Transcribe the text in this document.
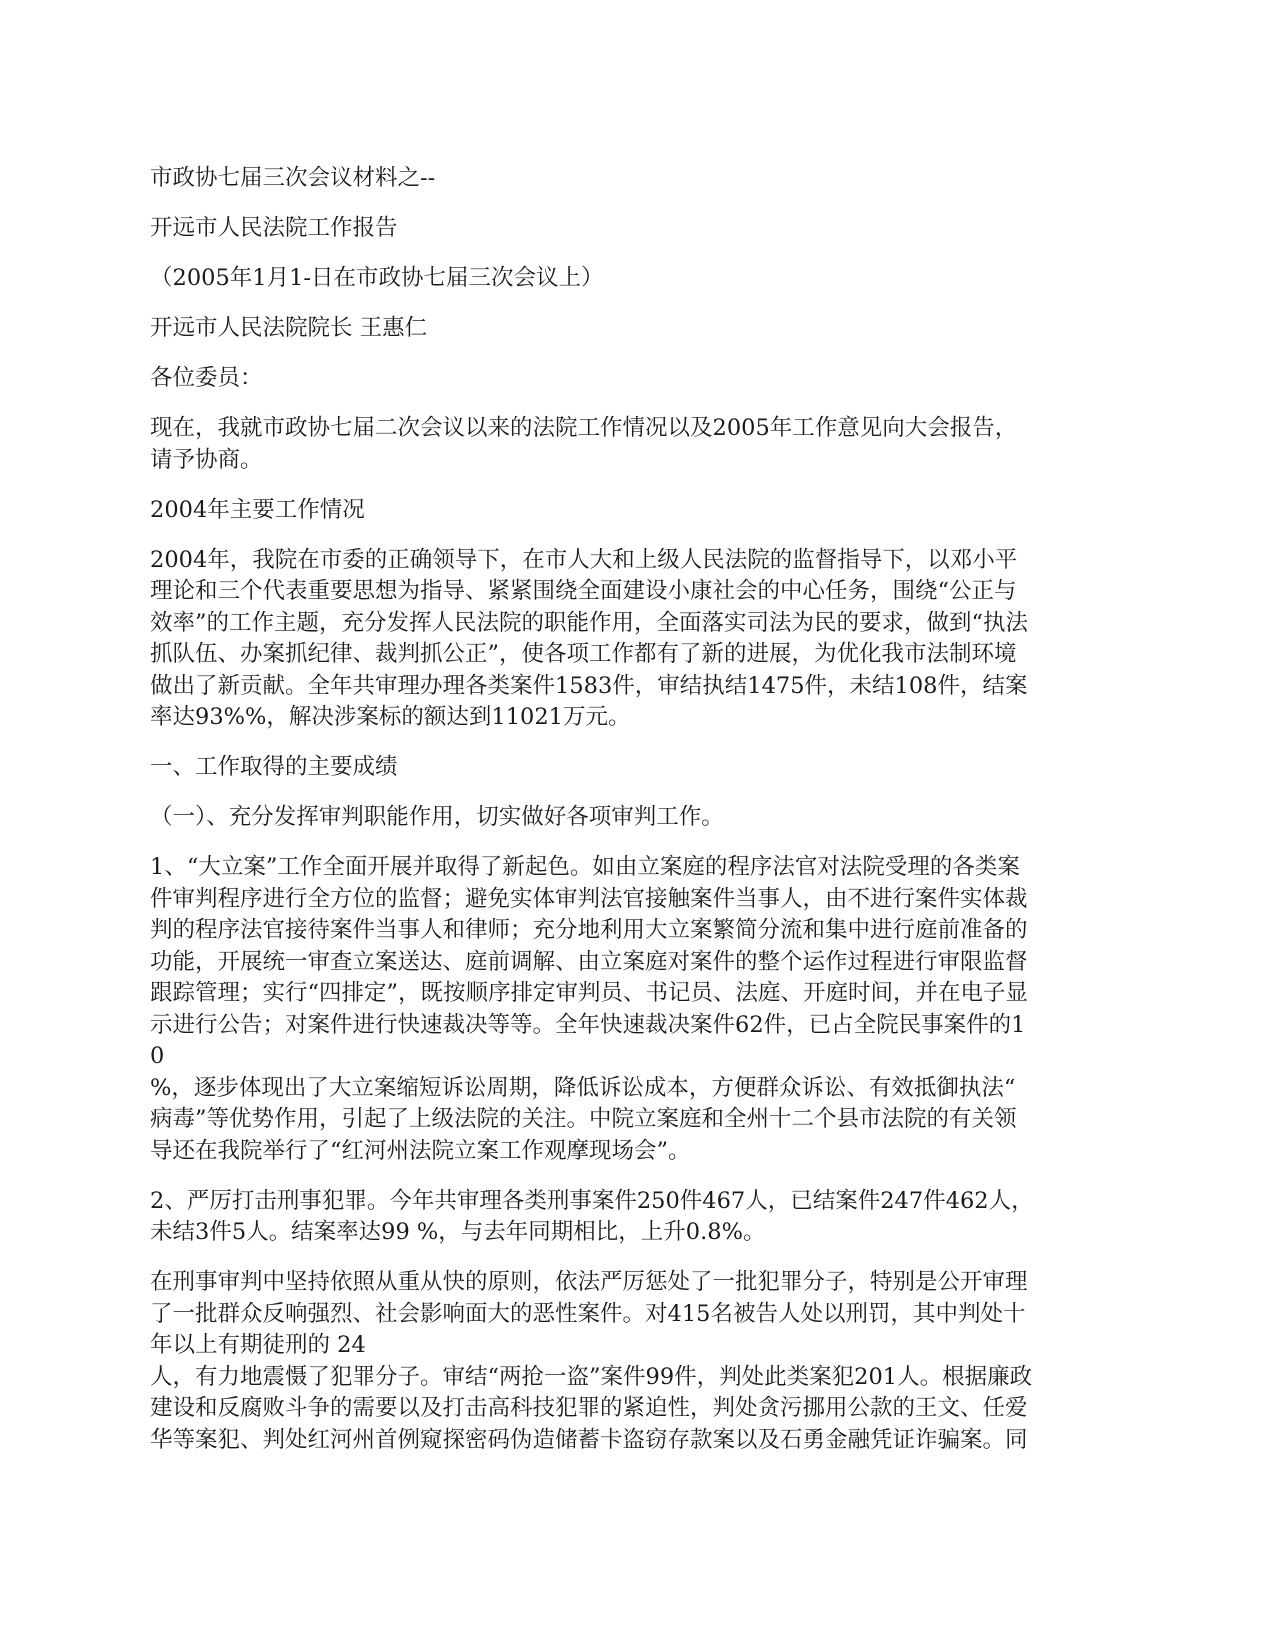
市政协七届三次会议材料之--
开远市人民法院工作报告
（2005年1月1-日在市政协七届三次会议上）
开远市人民法院院长 王惠仁
各位委员：
现在，我就市政协七届二次会议以来的法院工作情况以及2005年工作意见向大会报告，
请予协商。
2004年主要工作情况
2004年，我院在市委的正确领导下，在市人大和上级人民法院的监督指导下，以邓小平
理论和三个代表重要思想为指导、紧紧围绕全面建设小康社会的中心任务，围绕“公正与
效率”的工作主题，充分发挥人民法院的职能作用，全面落实司法为民的要求，做到“执法
抓队伍、办案抓纪律、裁判抓公正”，使各项工作都有了新的进展，为优化我市法制环境
做出了新贡献。全年共审理办理各类案件1583件，审结执结1475件，未结108件，结案
率达93%%，解决涉案标的额达到11021万元。
一、工作取得的主要成绩
（一）、充分发挥审判职能作用，切实做好各项审判工作。
1、“大立案”工作全面开展并取得了新起色。如由立案庭的程序法官对法院受理的各类案
件审判程序进行全方位的监督；避免实体审判法官接触案件当事人，由不进行案件实体裁
判的程序法官接待案件当事人和律师；充分地利用大立案繁简分流和集中进行庭前准备的
功能，开展统一审查立案送达、庭前调解、由立案庭对案件的整个运作过程进行审限监督
跟踪管理；实行“四排定”，既按顺序排定审判员、书记员、法庭、开庭时间，并在电子显
示进行公告；对案件进行快速裁决等等。全年快速裁决案件62件，已占全院民事案件的1
0
%，逐步体现出了大立案缩短诉讼周期，降低诉讼成本，方便群众诉讼、有效抵御执法“
病毒”等优势作用，引起了上级法院的关注。中院立案庭和全州十二个县市法院的有关领
导还在我院举行了“红河州法院立案工作观摩现场会”。
2、严厉打击刑事犯罪。今年共审理各类刑事案件250件467人，已结案件247件462人，
未结3件5人。结案率达99 %，与去年同期相比，上升0.8%。
在刑事审判中坚持依照从重从快的原则，依法严厉惩处了一批犯罪分子，特别是公开审理
了一批群众反响强烈、社会影响面大的恶性案件。对415名被告人处以刑罚，其中判处十
年以上有期徒刑的 24
人，有力地震慑了犯罪分子。审结“两抢一盗”案件99件，判处此类案犯201人。根据廉政
建设和反腐败斗争的需要以及打击高科技犯罪的紧迫性，判处贪污挪用公款的王文、任爱
华等案犯、判处红河州首例窥探密码伪造储蓄卡盗窃存款案以及石勇金融凭证诈骗案。同
